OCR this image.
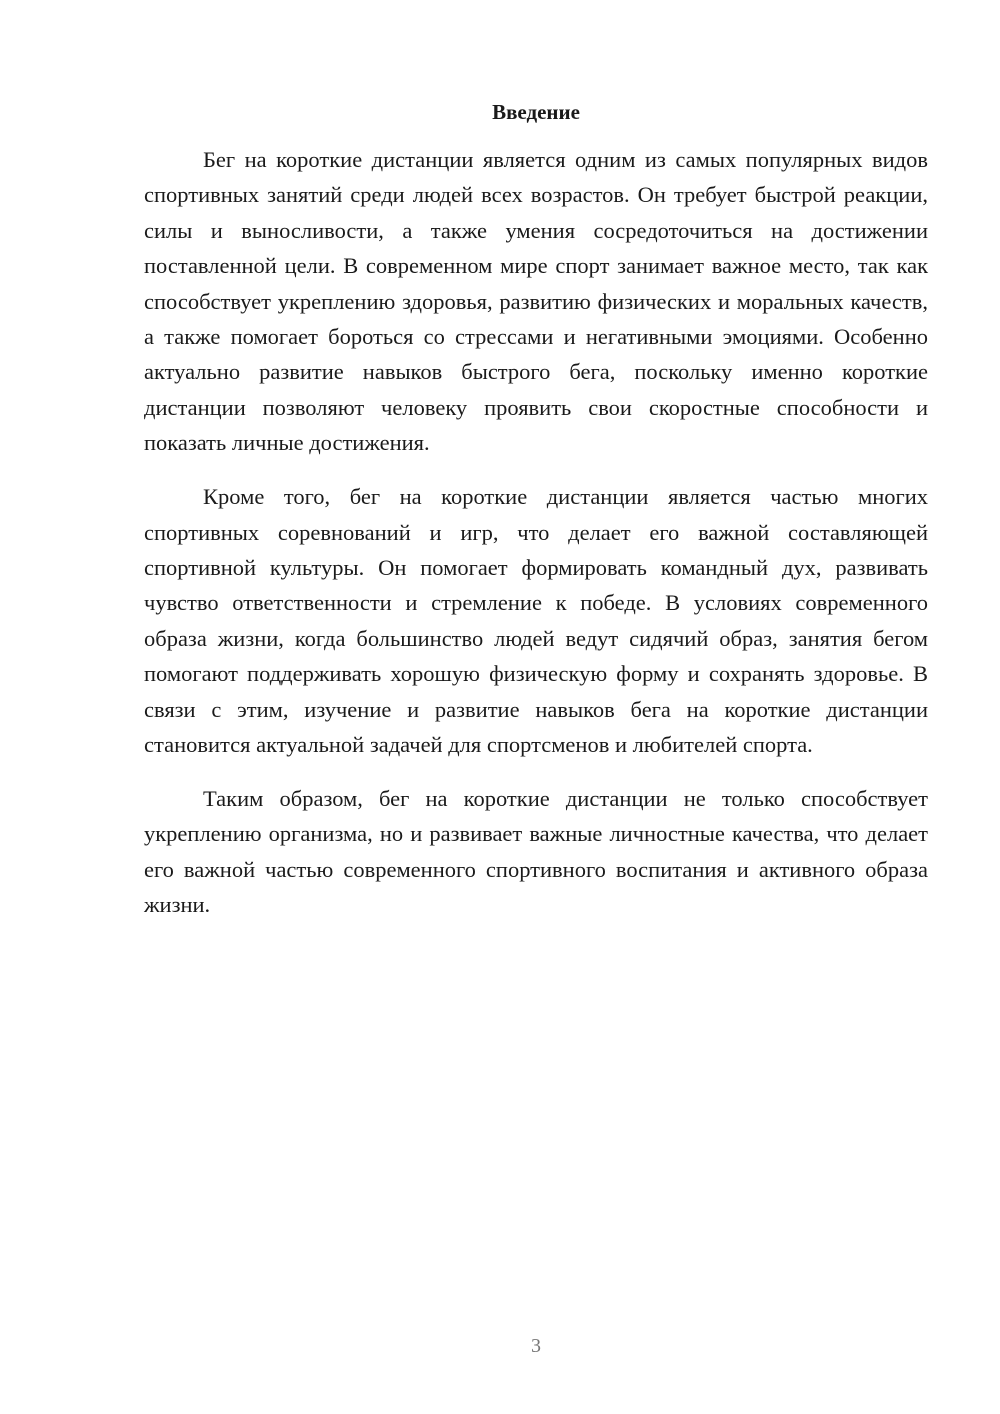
Введение

Бег на короткие дистанции является одним из самых популярных видов спортивных занятий среди людей всех возрастов. Он требует быстрой реакции, силы и выносливости, а также умения сосредоточиться на достижении поставленной цели. В современном мире спорт занимает важное место, так как способствует укреплению здоровья, развитию физических и моральных качеств, а также помогает бороться со стрессами и негативными эмоциями. Особенно актуально развитие навыков быстрого бега, поскольку именно короткие дистанции позволяют человеку проявить свои скоростные способности и показать личные достижения.

Кроме того, бег на короткие дистанции является частью многих спортивных соревнований и игр, что делает его важной составляющей спортивной культуры. Он помогает формировать командный дух, развивать чувство ответственности и стремление к победе. В условиях современного образа жизни, когда большинство людей ведут сидячий образ, занятия бегом помогают поддерживать хорошую физическую форму и сохранять здоровье. В связи с этим, изучение и развитие навыков бега на короткие дистанции становится актуальной задачей для спортсменов и любителей спорта.

Таким образом, бег на короткие дистанции не только способствует укреплению организма, но и развивает важные личностные качества, что делает его важной частью современного спортивного воспитания и активного образа жизни.

3
